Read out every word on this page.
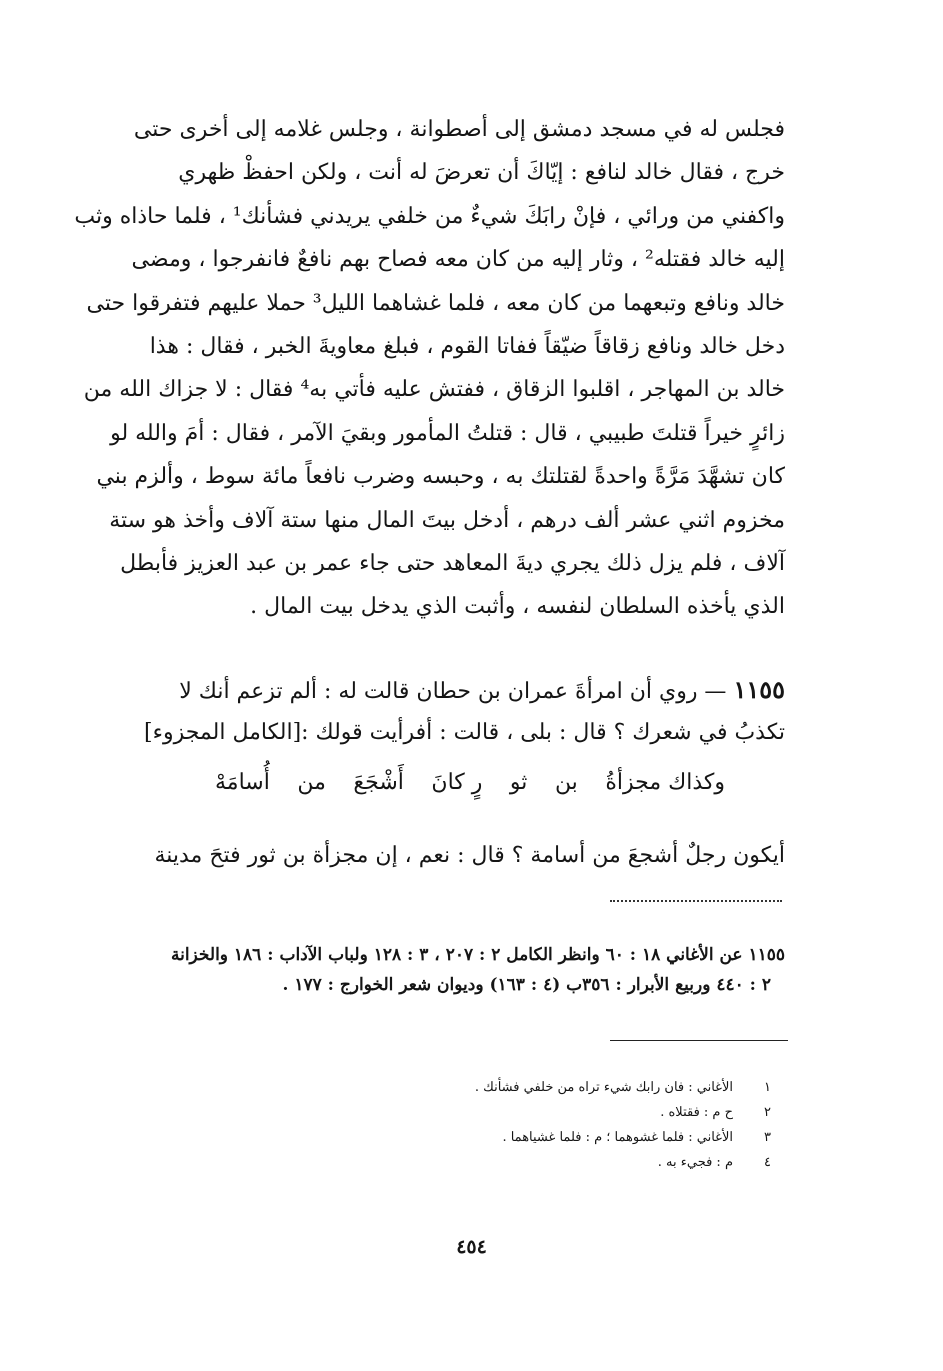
فجلس له في مسجد دمشق إلى أصطوانة ، وجلس غلامه إلى أخرى حتى
خرج ، فقال خالد لنافع : إيّاكَ أن تعرضَ له أنت ، ولكن احفظْ ظهري
واكفني من ورائي ، فإنْ رابَكَ شيءٌ من خلفي يريدني فشأنك¹ ، فلما حاذاه وثب
إليه خالد فقتله² ، وثار إليه من كان معه فصاح بهم نافعٌ فانفرجوا ، ومضى
خالد ونافع وتبعهما من كان معه ، فلما غشاهما الليل³ حملا عليهم فتفرقوا حتى
دخل خالد ونافع زقاقاً ضيّقاً ففاتا القوم ، فبلغ معاويةَ الخبر ، فقال : هذا
خالد بن المهاجر ، اقلبوا الزقاق ، ففتش عليه فأتي به⁴ فقال : لا جزاك الله من
زائرٍ خيراً قتلتَ طبيبي ، قال : قتلتُ المأمور وبقيَ الآمر ، فقال : أمَ والله لو
كان تشهَّدَ مَرَّةً واحدةً لقتلتك به ، وحبسه وضرب نافعاً مائة سوط ، وألزم بني
مخزوم اثني عشر ألف درهم ، أدخل بيتَ المال منها ستة آلاف وأخذ هو ستة
آلاف ، فلم يزل ذلك يجري ديةَ المعاهد حتى جاء عمر بن عبد العزيز فأبطل
الذي يأخذه السلطان لنفسه ، وأثبت الذي يدخل بيت المال .
١١٥٥ — روي أن امرأةَ عمران بن حطان قالت له : ألم تزعم أنك لا
تكذبُ في شعرك ؟ قال : بلى ، قالت : أفرأيت قولك :[الكامل المجزوء]
وكذاك مجزأةُ
بن
ثو
رٍ كانَ
أَشْجَعَ
من
أُسامَهْ
أيكون رجلٌ أشجعَ من أسامة ؟ قال : نعم ، إن مجزأة بن ثور فتحَ مدينة
١١٥٥ عن الأغاني ١٨ : ٦٠ وانظر الكامل ٢ : ٢٠٧ ، ٣ : ١٢٨ ولباب الآداب : ١٨٦ والخزانة
٢ : ٤٤٠ وربيع الأبرار : ٣٥٦ب (٤ : ١٦٣) وديوان شعر الخوارج : ١٧٧ .
١
الأغاني : فان رابك شيء تراه من خلفي فشأنك .
٢
ح م : فقتلاه .
٣
الأغاني : فلما غشوهما ؛ م : فلما غشياهما .
٤
م : فجيء به .
٤٥٤
